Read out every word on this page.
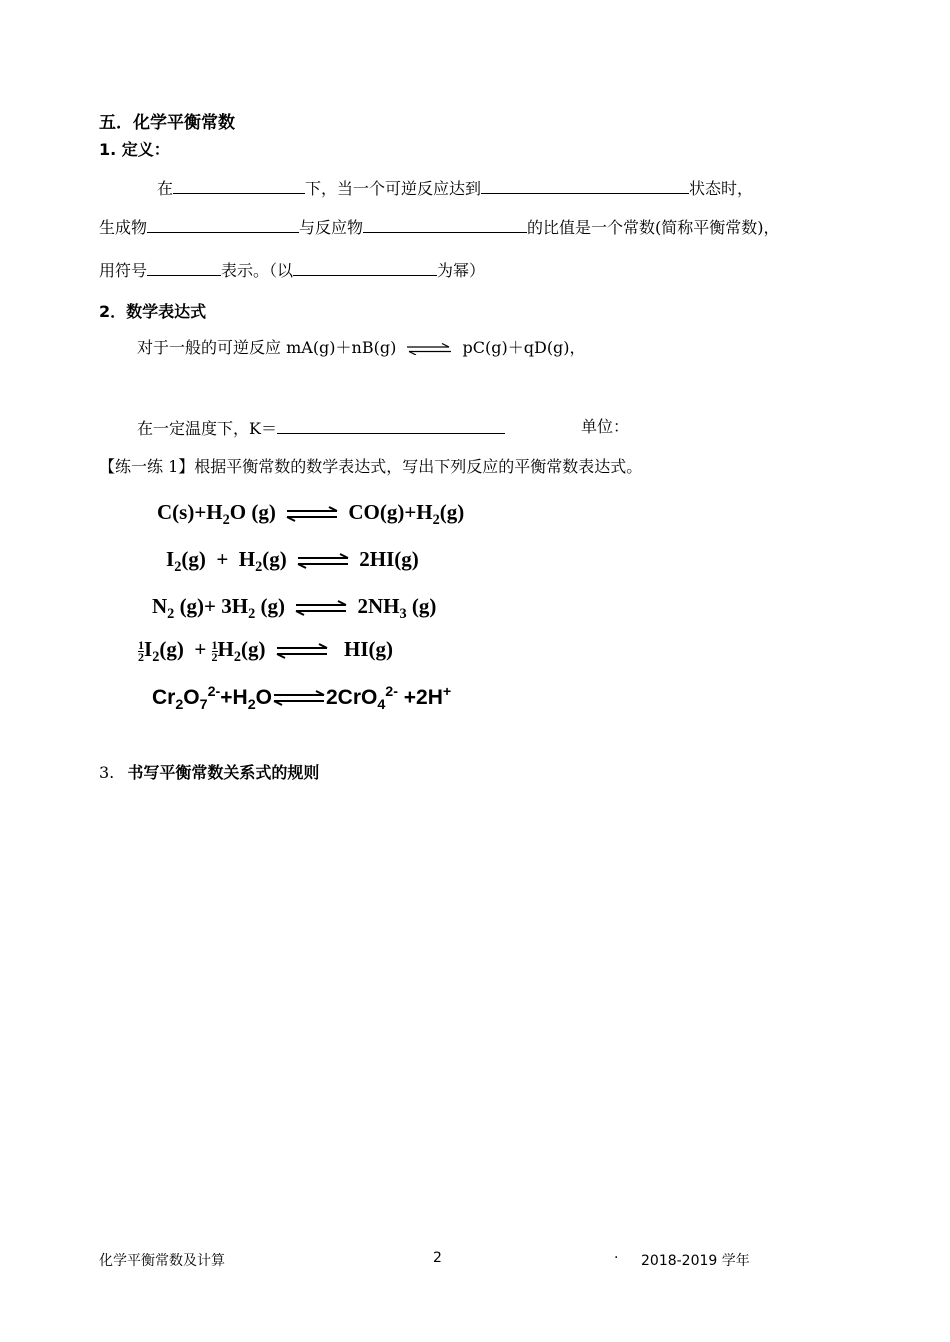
五．化学平衡常数
1. 定义：
在	下，当一个可逆反应达到	状态时，
生成物	与反应物	的比值是一个常数(简称平衡常数)，
用符号	表示。（以	为幂）
2．数学表达式
对于一般的可逆反应 mA(g)＋nB(g) ⇌ pC(g)＋qD(g)，
在一定温度下，K＝	单位：
【练一练 1】根据平衡常数的数学表达式，写出下列反应的平衡常数表达式。
$C(s)+H_2O$ (g) ⇌ $CO(g)+H_2(g)$
$I_2(g) + H_2(g)$ ⇌ 2HI(g)
$N_2$ $(g)+ 3H_2$ (g) ⇌ $2NH_3$ (g)
$\frac{1}{2} I_2(g) + \frac{1}{2} H_2(g)$ ⇌ HI(g)
$Cr_2O_7^{2-}+H_2O\rightleftharpoons 2CrO_4^{2-} +2H^+$
3. 书写平衡常数关系式的规则
化学平衡常数及计算	2	· 2018-2019 学年
